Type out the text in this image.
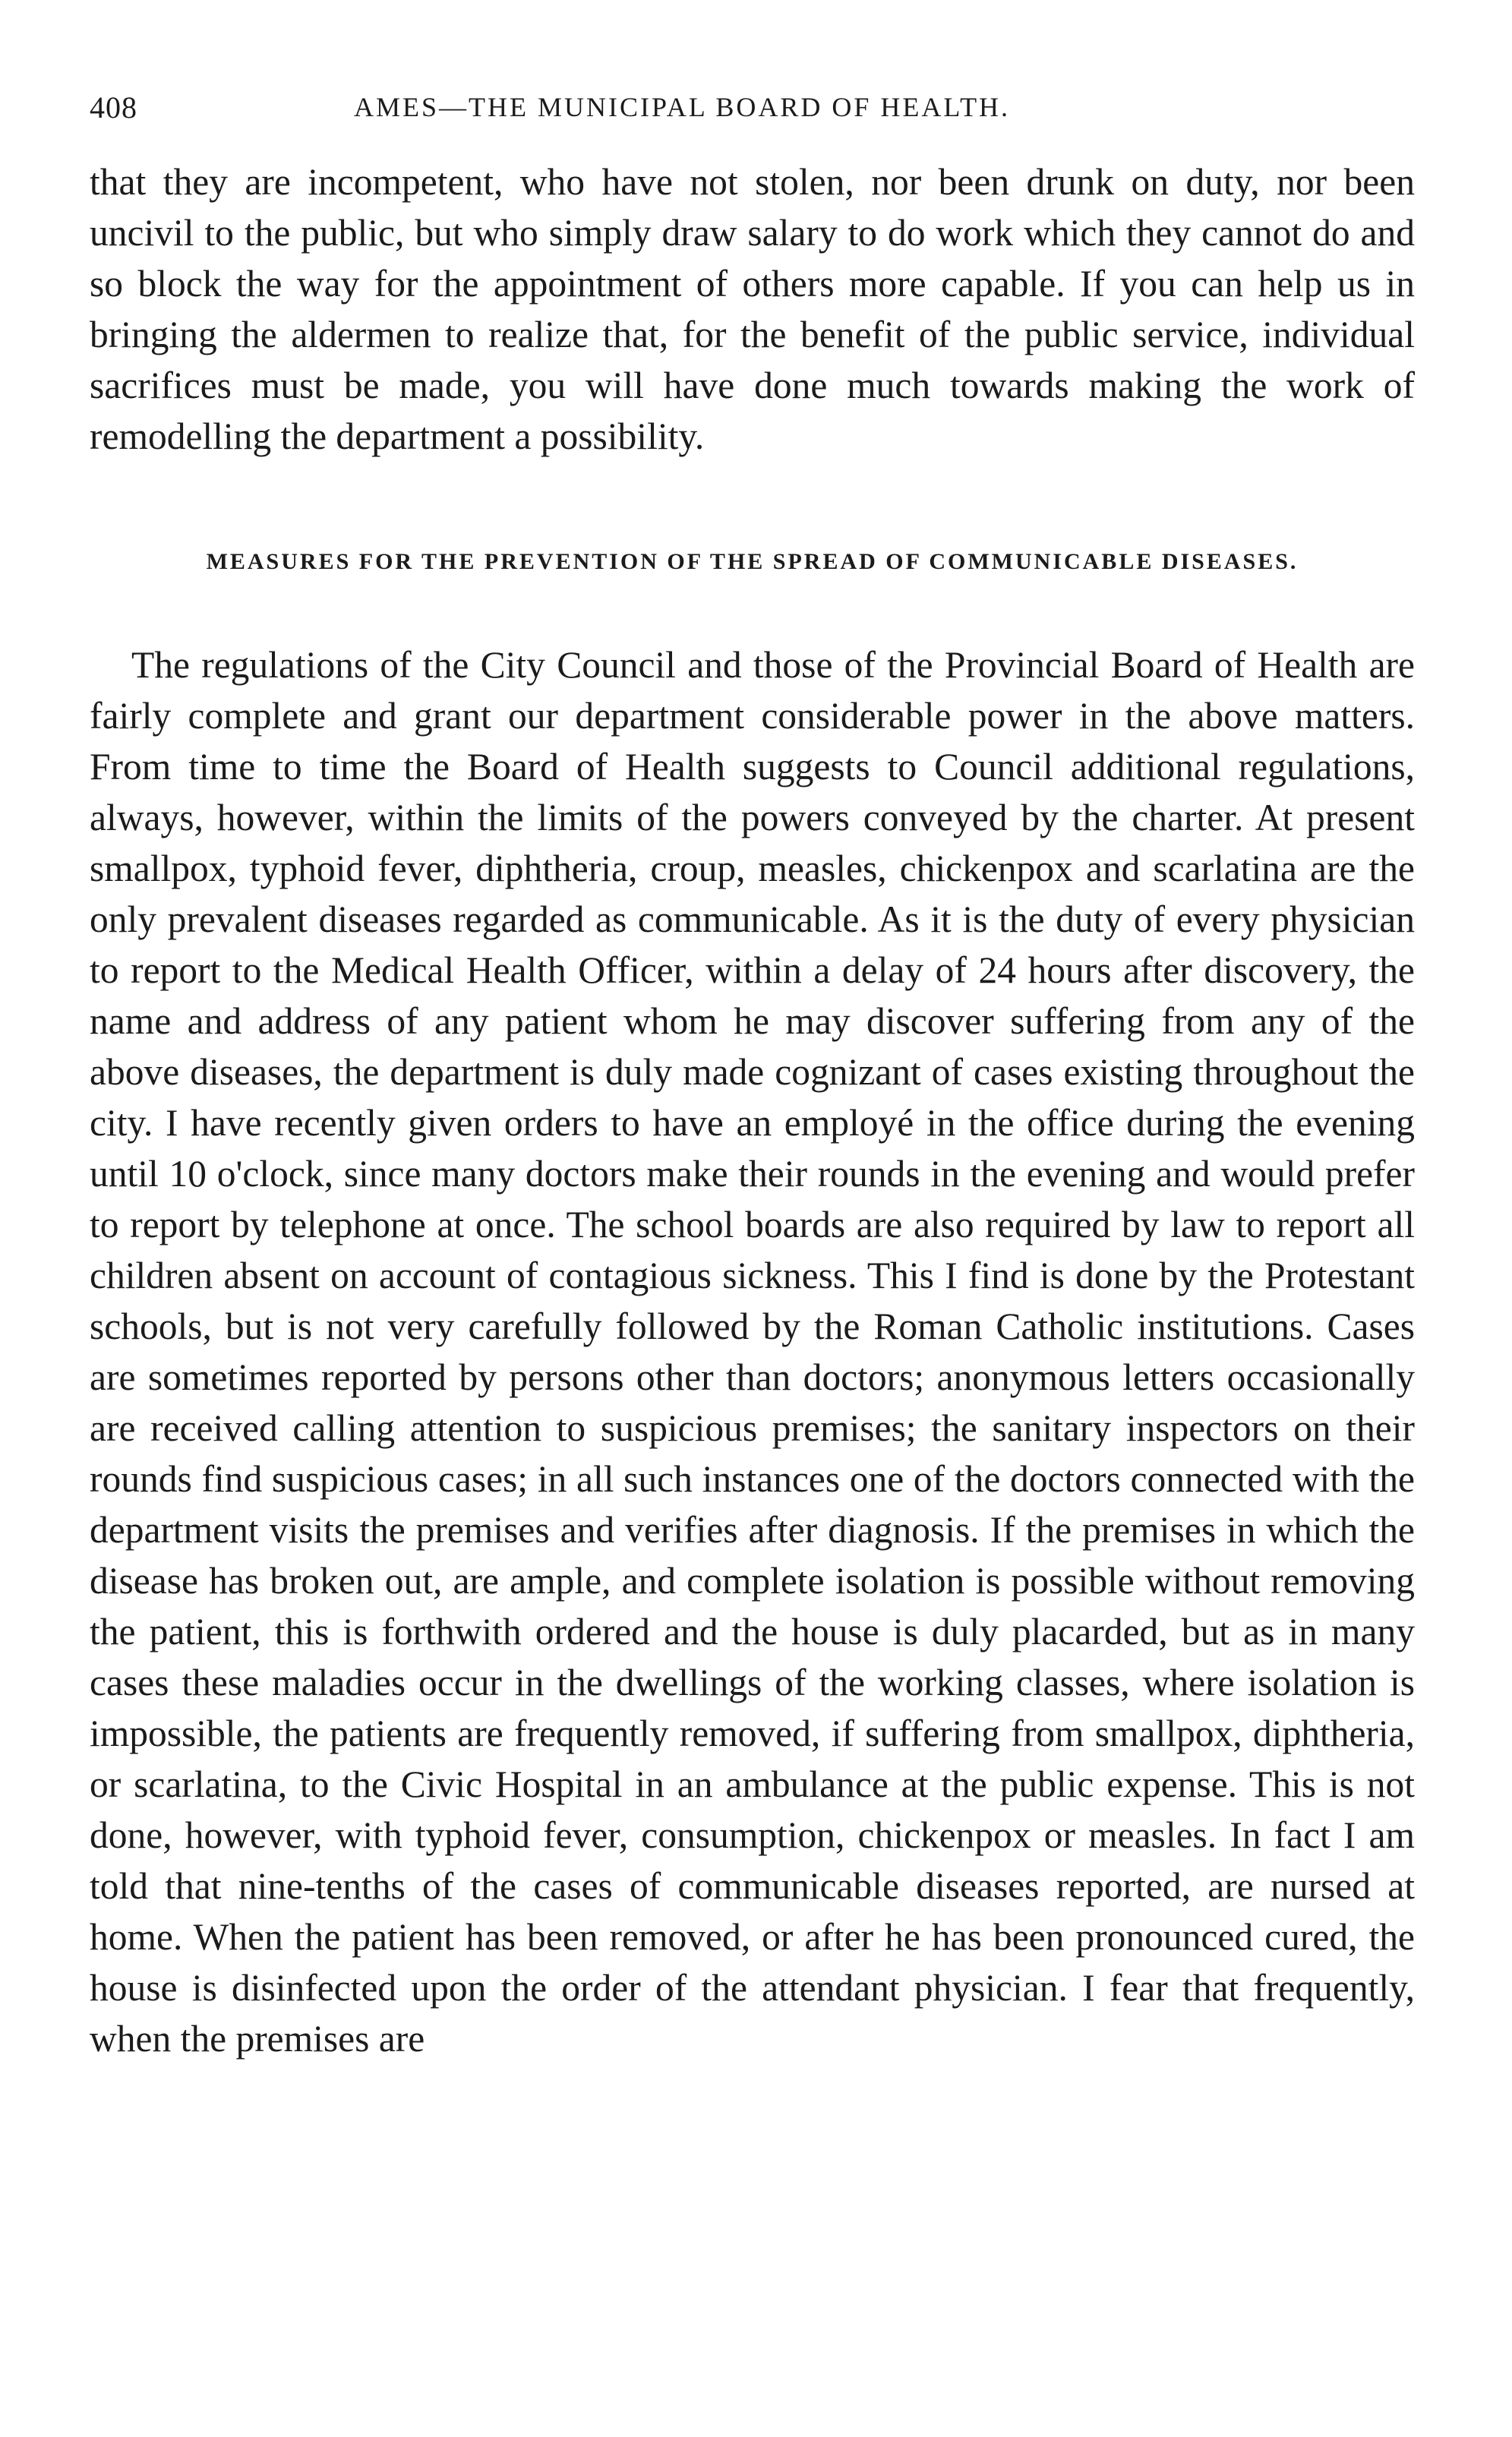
408	AMES—THE MUNICIPAL BOARD OF HEALTH.

that they are incompetent, who have not stolen, nor been drunk on duty, nor been uncivil to the public, but who simply draw salary to do work which they cannot do and so block the way for the appointment of others more capable. If you can help us in bringing the aldermen to realize that, for the benefit of the public service, individual sacrifices must be made, you will have done much towards making the work of remodelling the department a possibility.

MEASURES FOR THE PREVENTION OF THE SPREAD OF COMMUNICABLE DISEASES.

The regulations of the City Council and those of the Provincial Board of Health are fairly complete and grant our department considerable power in the above matters. From time to time the Board of Health suggests to Council additional regulations, always, however, within the limits of the powers conveyed by the charter. At present smallpox, typhoid fever, diphtheria, croup, measles, chickenpox and scarlatina are the only prevalent diseases regarded as communicable. As it is the duty of every physician to report to the Medical Health Officer, within a delay of 24 hours after discovery, the name and address of any patient whom he may discover suffering from any of the above diseases, the department is duly made cognizant of cases existing throughout the city. I have recently given orders to have an employé in the office during the evening until 10 o'clock, since many doctors make their rounds in the evening and would prefer to report by telephone at once. The school boards are also required by law to report all children absent on account of contagious sickness. This I find is done by the Protestant schools, but is not very carefully followed by the Roman Catholic institutions. Cases are sometimes reported by persons other than doctors; anonymous letters occasionally are received calling attention to suspicious premises; the sanitary inspectors on their rounds find suspicious cases; in all such instances one of the doctors connected with the department visits the premises and verifies after diagnosis. If the premises in which the disease has broken out, are ample, and complete isolation is possible without removing the patient, this is forthwith ordered and the house is duly placarded, but as in many cases these maladies occur in the dwellings of the working classes, where isolation is impossible, the patients are frequently removed, if suffering from smallpox, diphtheria, or scarlatina, to the Civic Hospital in an ambulance at the public expense. This is not done, however, with typhoid fever, consumption, chickenpox or measles. In fact I am told that nine-tenths of the cases of communicable diseases reported, are nursed at home. When the patient has been removed, or after he has been pronounced cured, the house is disinfected upon the order of the attendant physician. I fear that frequently, when the premises are
